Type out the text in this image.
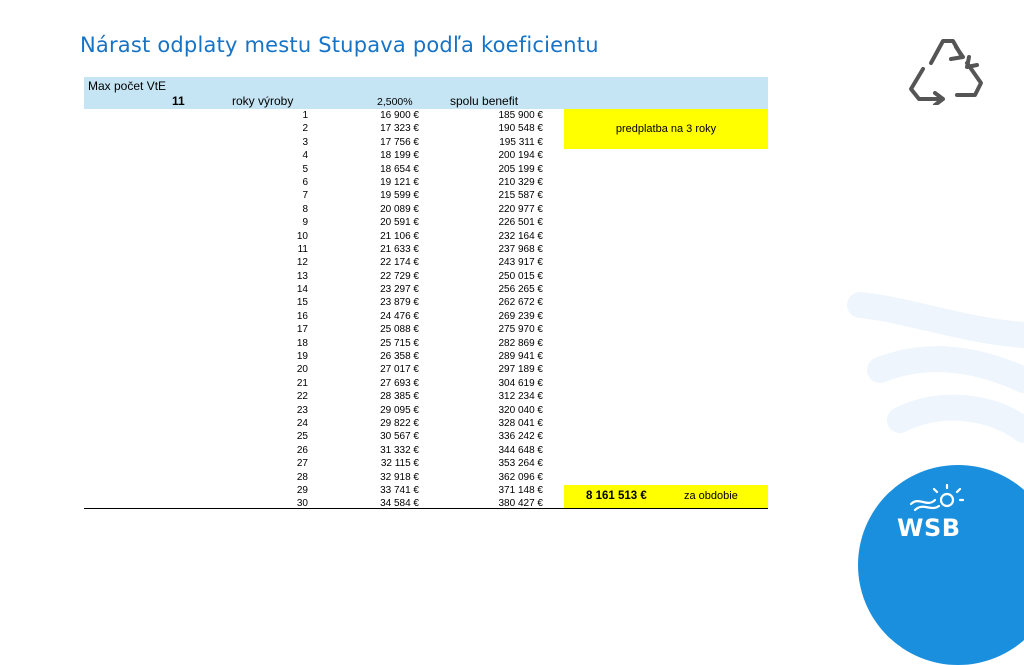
Nárast odplaty mestu Stupava podľa koeficientu
WSB
Max počet VtE
11	roky výroby	2,500%	spolu benefit
1	16 900 €	185 900 €
2	17 323 €	190 548 €
3	17 756 €	195 311 €
4	18 199 €	200 194 €
5	18 654 €	205 199 €
6	19 121 €	210 329 €
7	19 599 €	215 587 €
8	20 089 €	220 977 €
9	20 591 €	226 501 €
10	21 106 €	232 164 €
11	21 633 €	237 968 €
12	22 174 €	243 917 €
13	22 729 €	250 015 €
14	23 297 €	256 265 €
15	23 879 €	262 672 €
16	24 476 €	269 239 €
17	25 088 €	275 970 €
18	25 715 €	282 869 €
19	26 358 €	289 941 €
20	27 017 €	297 189 €
21	27 693 €	304 619 €
22	28 385 €	312 234 €
23	29 095 €	320 040 €
24	29 822 €	328 041 €
25	30 567 €	336 242 €
26	31 332 €	344 648 €
27	32 115 €	353 264 €
28	32 918 €	362 096 €
29	33 741 €	371 148 €
30	34 584 €	380 427 €
predplatba na 3 roky
8 161 513 €	za obdobie
